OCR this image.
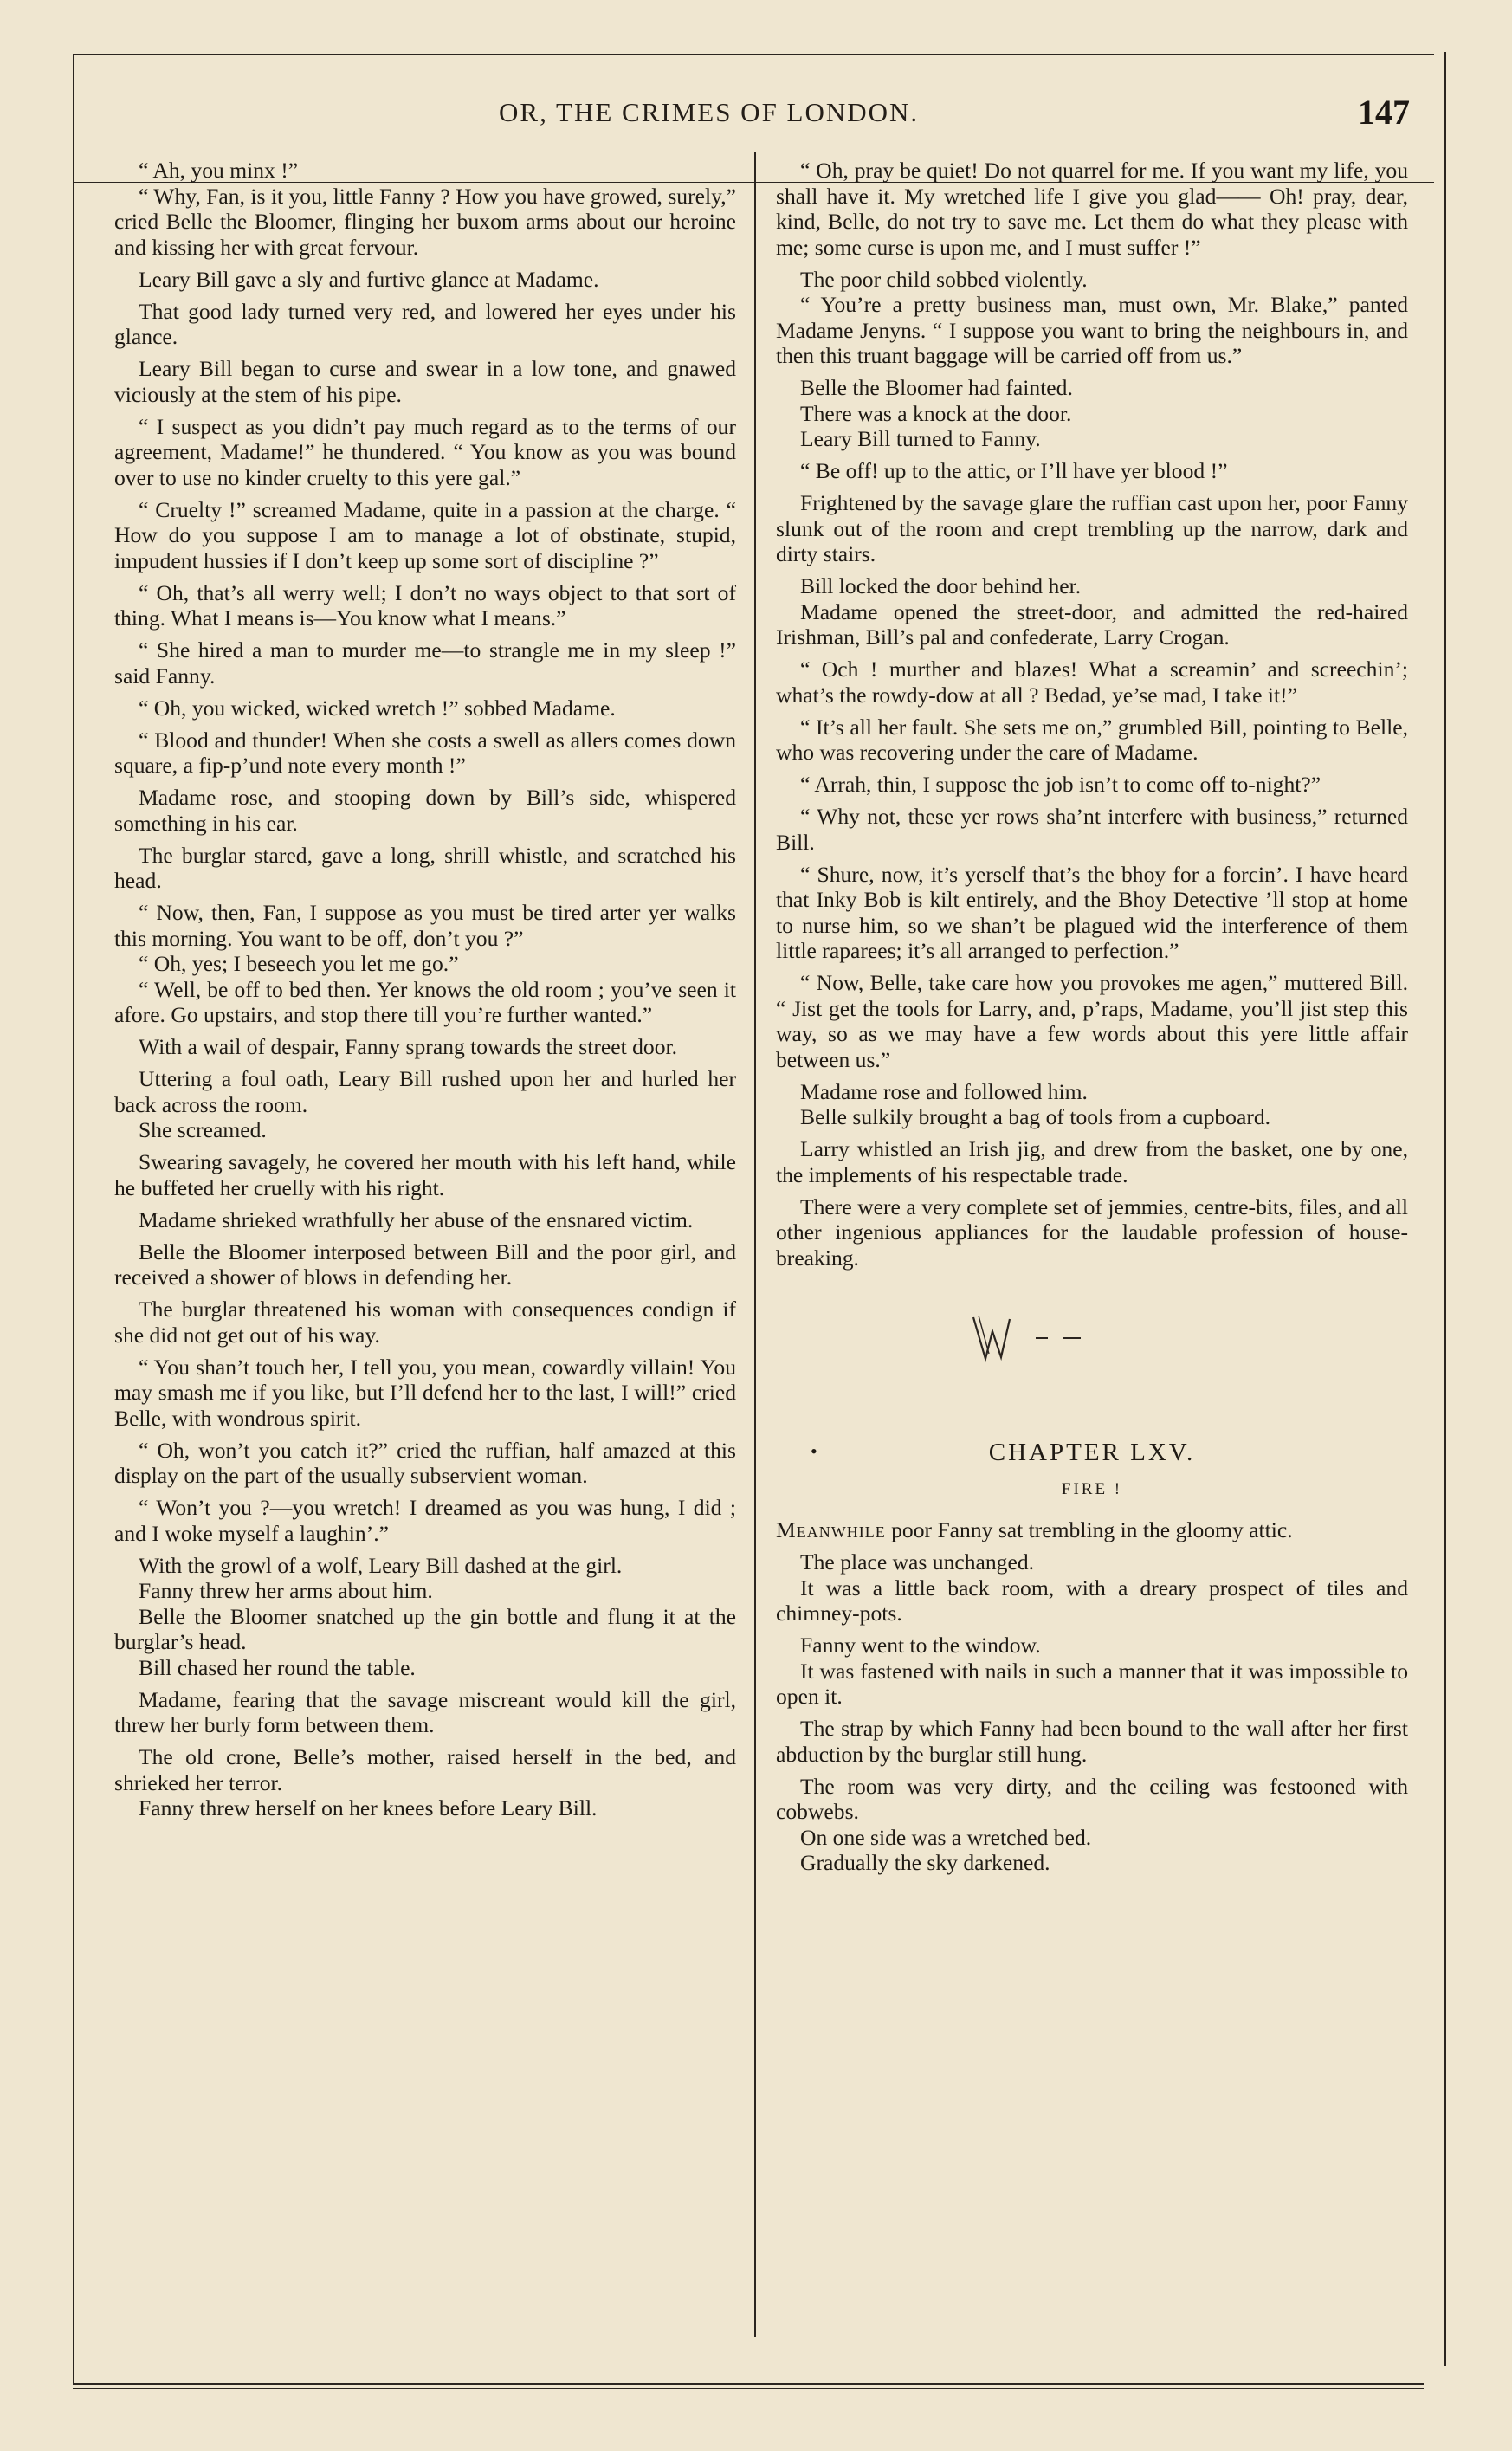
OR, THE CRIMES OF LONDON.	147

“ Ah, you minx !”

“ Why, Fan, is it you, little Fanny ? How you have growed, surely,” cried Belle the Bloomer, flinging her buxom arms about our heroine and kissing her with great fervour.

Leary Bill gave a sly and furtive glance at Madame.

That good lady turned very red, and lowered her eyes under his glance.

Leary Bill began to curse and swear in a low tone, and gnawed viciously at the stem of his pipe.

“ I suspect as you didn’t pay much regard as to the terms of our agreement, Madame!” he thundered. “ You know as you was bound over to use no kinder cruelty to this yere gal.”

“ Cruelty !” screamed Madame, quite in a passion at the charge. “ How do you suppose I am to manage a lot of obstinate, stupid, impudent hussies if I don’t keep up some sort of discipline ?”

“ Oh, that’s all werry well; I don’t no ways object to that sort of thing. What I means is—You know what I means.”

“ She hired a man to murder me—to strangle me in my sleep !” said Fanny.

“ Oh, you wicked, wicked wretch !” sobbed Madame.

“ Blood and thunder! When she costs a swell as allers comes down square, a fip-p’und note every month !”

Madame rose, and stooping down by Bill’s side, whispered something in his ear.

The burglar stared, gave a long, shrill whistle, and scratched his head.

“ Now, then, Fan, I suppose as you must be tired arter yer walks this morning. You want to be off, don’t you ?”

“ Oh, yes; I beseech you let me go.”

“ Well, be off to bed then. Yer knows the old room ; you’ve seen it afore. Go upstairs, and stop there till you’re further wanted.”

With a wail of despair, Fanny sprang towards the street door.

Uttering a foul oath, Leary Bill rushed upon her and hurled her back across the room.

She screamed.

Swearing savagely, he covered her mouth with his left hand, while he buffeted her cruelly with his right.

Madame shrieked wrathfully her abuse of the ensnared victim.

Belle the Bloomer interposed between Bill and the poor girl, and received a shower of blows in defending her.

The burglar threatened his woman with consequences condign if she did not get out of his way.

“ You shan’t touch her, I tell you, you mean, cowardly villain! You may smash me if you like, but I’ll defend her to the last, I will!” cried Belle, with wondrous spirit.

“ Oh, won’t you catch it?” cried the ruffian, half amazed at this display on the part of the usually subservient woman.

“ Won’t you ?—you wretch! I dreamed as you was hung, I did ; and I woke myself a laughin’.”

With the growl of a wolf, Leary Bill dashed at the girl.

Fanny threw her arms about him.

Belle the Bloomer snatched up the gin bottle and flung it at the burglar’s head.

Bill chased her round the table.

Madame, fearing that the savage miscreant would kill the girl, threw her burly form between them.

The old crone, Belle’s mother, raised herself in the bed, and shrieked her terror.

Fanny threw herself on her knees before Leary Bill.

“ Oh, pray be quiet! Do not quarrel for me. If you want my life, you shall have it. My wretched life I give you glad—— Oh! pray, dear, kind, Belle, do not try to save me. Let them do what they please with me; some curse is upon me, and I must suffer !”

The poor child sobbed violently.

“ You’re a pretty business man, must own, Mr. Blake,” panted Madame Jenyns. “ I suppose you want to bring the neighbours in, and then this truant baggage will be carried off from us.”

Belle the Bloomer had fainted.

There was a knock at the door.

Leary Bill turned to Fanny.

“ Be off! up to the attic, or I’ll have yer blood !”

Frightened by the savage glare the ruffian cast upon her, poor Fanny slunk out of the room and crept trembling up the narrow, dark and dirty stairs.

Bill locked the door behind her.

Madame opened the street-door, and admitted the red-haired Irishman, Bill’s pal and confederate, Larry Crogan.

“ Och ! murther and blazes! What a screamin’ and screechin’; what’s the rowdy-dow at all ? Bedad, ye’se mad, I take it!”

“ It’s all her fault. She sets me on,” grumbled Bill, pointing to Belle, who was recovering under the care of Madame.

“ Arrah, thin, I suppose the job isn’t to come off to-night?”

“ Why not, these yer rows sha’nt interfere with business,” returned Bill.

“ Shure, now, it’s yerself that’s the bhoy for a forcin’. I have heard that Inky Bob is kilt entirely, and the Bhoy Detective ’ll stop at home to nurse him, so we shan’t be plagued wid the interference of them little raparees; it’s all arranged to perfection.”

“ Now, Belle, take care how you provokes me agen,” muttered Bill. “ Jist get the tools for Larry, and, p’raps, Madame, you’ll jist step this way, so as we may have a few words about this yere little affair between us.”

Madame rose and followed him.

Belle sulkily brought a bag of tools from a cupboard.

Larry whistled an Irish jig, and drew from the basket, one by one, the implements of his respectable trade.

There were a very complete set of jemmies, centre-bits, files, and all other ingenious appliances for the laudable profession of house-breaking.

•	CHAPTER LXV.
FIRE !

Meanwhile poor Fanny sat trembling in the gloomy attic.

The place was unchanged.

It was a little back room, with a dreary prospect of tiles and chimney-pots.

Fanny went to the window.

It was fastened with nails in such a manner that it was impossible to open it.

The strap by which Fanny had been bound to the wall after her first abduction by the burglar still hung.

The room was very dirty, and the ceiling was festooned with cobwebs.

On one side was a wretched bed.

Gradually the sky darkened.
